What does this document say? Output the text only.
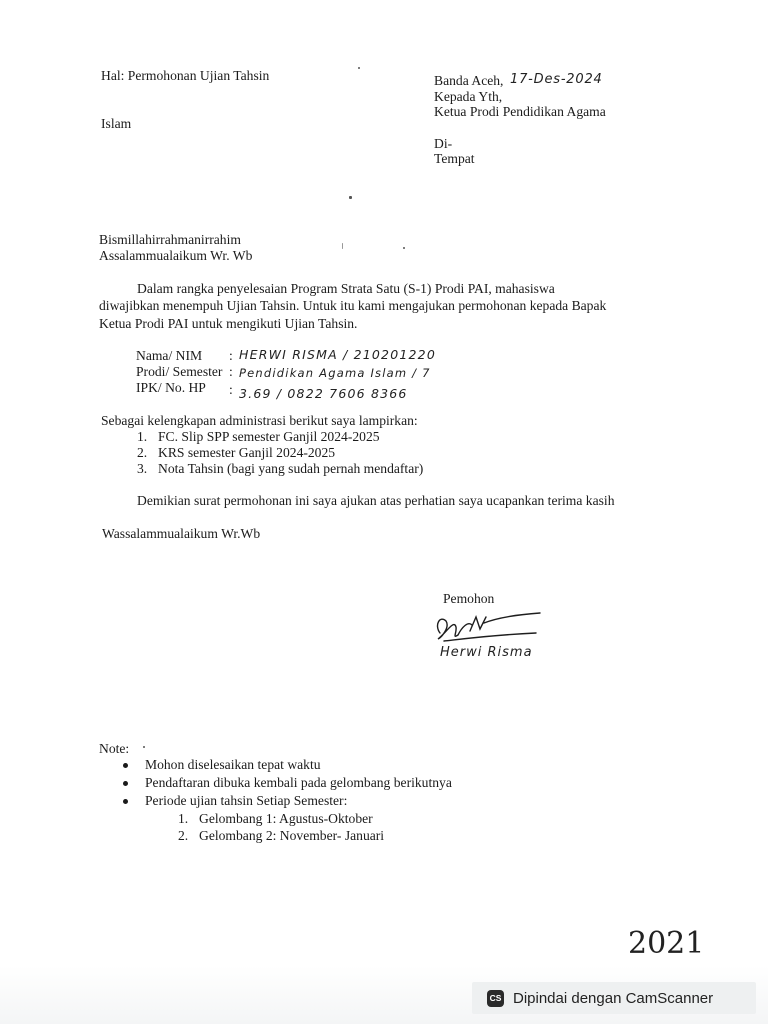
Hal: Permohonan Ujian Tahsin
Islam
Banda Aceh, 17-Des-2024
Kepada Yth,
Ketua Prodi Pendidikan Agama
Di-
Tempat
Bismillahirrahmanirrahim
Assalammualaikum Wr. Wb
Dalam rangka penyelesaian Program Strata Satu (S-1) Prodi PAI, mahasiswa
diwajibkan menempuh Ujian Tahsin. Untuk itu kami mengajukan permohonan kepada Bapak
Ketua Prodi PAI untuk mengikuti Ujian Tahsin.
Nama/ NIM : HERWI RISMA / 210201220
Prodi/ Semester : Pendidikan Agama Islam / 7
IPK/ No. HP : 3.69 / 0822 7606 8366
Sebagai kelengkapan administrasi berikut saya lampirkan:
1. FC. Slip SPP semester Ganjil 2024-2025
2. KRS semester Ganjil 2024-2025
3. Nota Tahsin (bagi yang sudah pernah mendaftar)
Demikian surat permohonan ini saya ajukan atas perhatian saya ucapankan terima kasih
Wassalammualaikum Wr.Wb
Pemohon
Herwi Risma
Note:
Mohon diselesaikan tepat waktu
Pendaftaran dibuka kembali pada gelombang berikutnya
Periode ujian tahsin Setiap Semester:
1. Gelombang 1: Agustus-Oktober
2. Gelombang 2: November- Januari
2021
CS Dipindai dengan CamScanner
